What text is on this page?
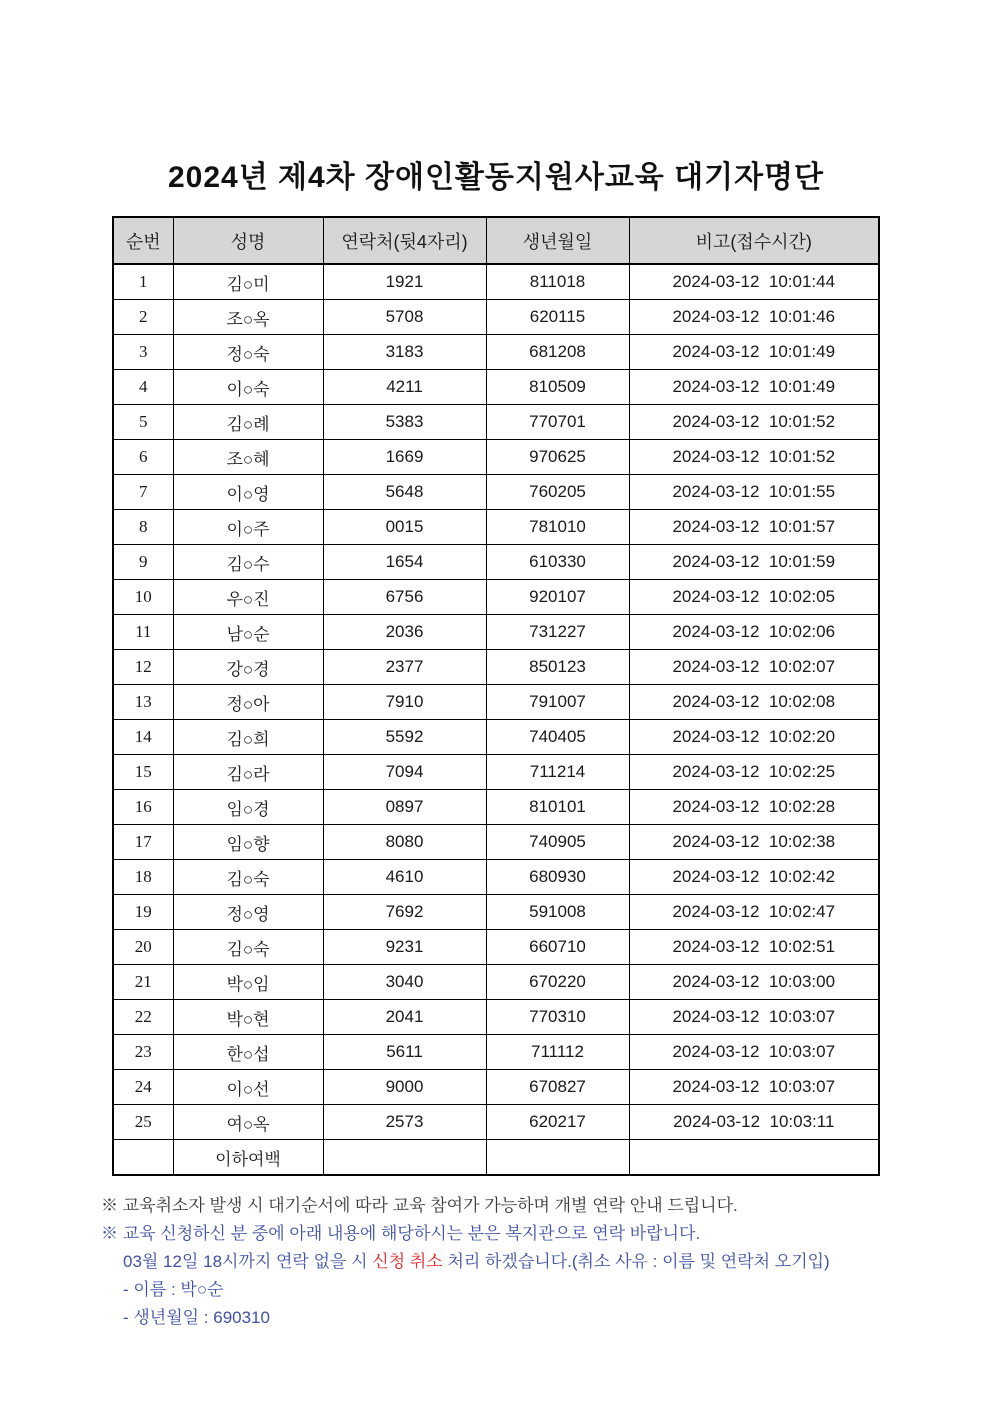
2024년 제4차 장애인활동지원사교육 대기자명단
순번	성명	연락처(뒷4자리)	생년월일	비고(접수시간)
1	김○미	1921	811018	2024-03-12  10:01:44
2	조○옥	5708	620115	2024-03-12  10:01:46
3	정○숙	3183	681208	2024-03-12  10:01:49
4	이○숙	4211	810509	2024-03-12  10:01:49
5	김○례	5383	770701	2024-03-12  10:01:52
6	조○혜	1669	970625	2024-03-12  10:01:52
7	이○영	5648	760205	2024-03-12  10:01:55
8	이○주	0015	781010	2024-03-12  10:01:57
9	김○수	1654	610330	2024-03-12  10:01:59
10	우○진	6756	920107	2024-03-12  10:02:05
11	남○순	2036	731227	2024-03-12  10:02:06
12	강○경	2377	850123	2024-03-12  10:02:07
13	정○아	7910	791007	2024-03-12  10:02:08
14	김○희	5592	740405	2024-03-12  10:02:20
15	김○라	7094	711214	2024-03-12  10:02:25
16	임○경	0897	810101	2024-03-12  10:02:28
17	임○향	8080	740905	2024-03-12  10:02:38
18	김○숙	4610	680930	2024-03-12  10:02:42
19	정○영	7692	591008	2024-03-12  10:02:47
20	김○숙	9231	660710	2024-03-12  10:02:51
21	박○임	3040	670220	2024-03-12  10:03:00
22	박○현	2041	770310	2024-03-12  10:03:07
23	한○섭	5611	711112	2024-03-12  10:03:07
24	이○선	9000	670827	2024-03-12  10:03:07
25	여○옥	2573	620217	2024-03-12  10:03:11
	이하여백			
※ 교육취소자 발생 시 대기순서에 따라 교육 참여가 가능하며 개별 연락 안내 드립니다.
※ 교육 신청하신 분 중에 아래 내용에 해당하시는 분은 복지관으로 연락 바랍니다.
03월 12일 18시까지 연락 없을 시 신청 취소 처리 하겠습니다.(취소 사유 : 이름 및 연락처 오기입)
- 이름 : 박○순
- 생년월일 : 690310
